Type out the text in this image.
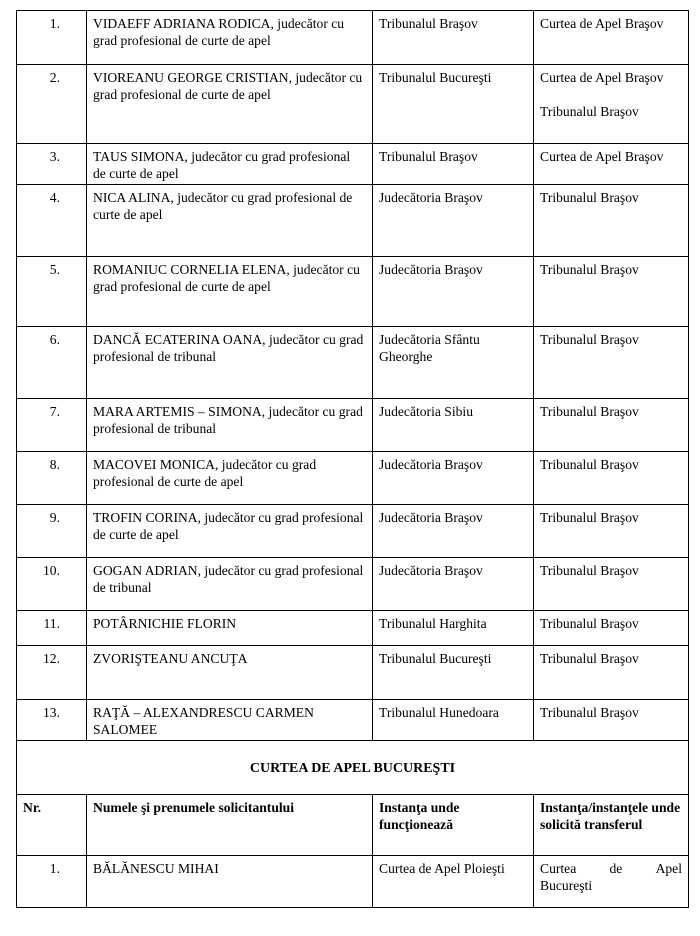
1.	VIDAEFF ADRIANA RODICA, judecător cu grad profesional de curte de apel	Tribunalul Braşov	Curtea de Apel Braşov
2.	VIOREANU GEORGE CRISTIAN, judecător cu grad profesional de curte de apel	Tribunalul Bucureşti	Curtea de Apel Braşov
Tribunalul Braşov

3.	TAUS SIMONA, judecător cu grad profesional de curte de apel	Tribunalul Braşov	Curtea de Apel Braşov
4.	NICA ALINA, judecător cu grad profesional de curte de apel	Judecătoria Braşov	Tribunalul Braşov
5.	ROMANIUC CORNELIA ELENA, judecător cu grad profesional de curte de apel	Judecătoria Braşov	Tribunalul Braşov
6.	DANCĂ ECATERINA OANA, judecător cu grad profesional de tribunal	Judecătoria Sfântu Gheorghe	Tribunalul Braşov
7.	MARA ARTEMIS – SIMONA, judecător cu grad profesional de tribunal	Judecătoria Sibiu	Tribunalul Braşov
8.	MACOVEI MONICA, judecător cu grad profesional de curte de apel	Judecătoria Braşov	Tribunalul Braşov
9.	TROFIN CORINA, judecător cu grad profesional de curte de apel	Judecătoria Braşov	Tribunalul Braşov
10.	GOGAN ADRIAN, judecător cu grad profesional de tribunal	Judecătoria Braşov	Tribunalul Braşov
11.	POTÂRNICHIE FLORIN	Tribunalul Harghita	Tribunalul Braşov
12.	ZVORIŞTEANU ANCUŢA	Tribunalul Bucureşti	Tribunalul Braşov
13.	RAŢĂ – ALEXANDRESCU CARMEN SALOMEE	Tribunalul Hunedoara	Tribunalul Braşov
CURTEA DE APEL BUCUREŞTI			
Nr.	Numele şi prenumele solicitantului	Instanţa unde funcţionează	Instanţa/instanţele unde solicită transferul
1.	BĂLĂNESCU MIHAI	Curtea de Apel Ploieşti	Curtea de Apel
Bucureşti
